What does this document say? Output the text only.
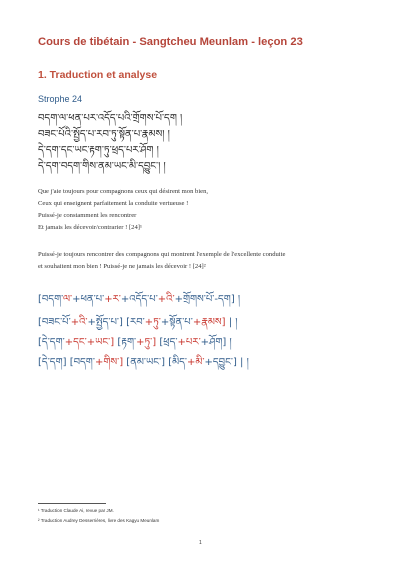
Cours de tibétain - Sangtcheu Meunlam - leçon 23
1. Traduction et analyse
Strophe 24
བདག་ལ་ཕན་པར་འདོད་པའི་གྲོགས་པོ་དག །
བཟང་པོའི་སྤྱོད་པ་རབ་ཏུ་སྟོན་པ་རྣམས། །
དེ་དག་དང་ཡང་རྟག་ཏུ་ཕྲད་པར་ཤོག །
དེ་དག་བདག་གིས་ནམ་ཡང་མི་དབྱུང་། །
Que j'aie toujours pour compagnons ceux qui désirent mon bien,
Ceux qui enseignent parfaitement la conduite vertueuse !
Puissé-je constamment les rencontrer
Et jamais les décevoir/contrarier ! [24]¹
Puissé-je toujours rencontrer des compagnons qui montrent l'exemple de l'excellente conduite
et souhaitent mon bien ! Puissé-je ne jamais les décevoir ! [24]²
[བདག་ལ་+ཕན་པ་+ར་+འདོད་པ་+འི་+གྲོགས་པོ་-དག] །
[བཟང་པོ་+འི་+སྤྱོད་པ་] [རབ་+ཏུ་+སྟོན་པ་+རྣམས] | །
[དེ་དག་+དང་+ཡང་] [རྟག་+ཏུ་] [ཕྲད་+པར་+ཤོག] །
[དེ་དག] [བདག་+གིས་] [ནམ་ཡང་] [མིད་+མི་+དབྱུང་] | །
¹ Traduction Claude Ai, revue par JM.
² Traduction Audrey Desserrières, livre des Kagyu Meunlam
1
